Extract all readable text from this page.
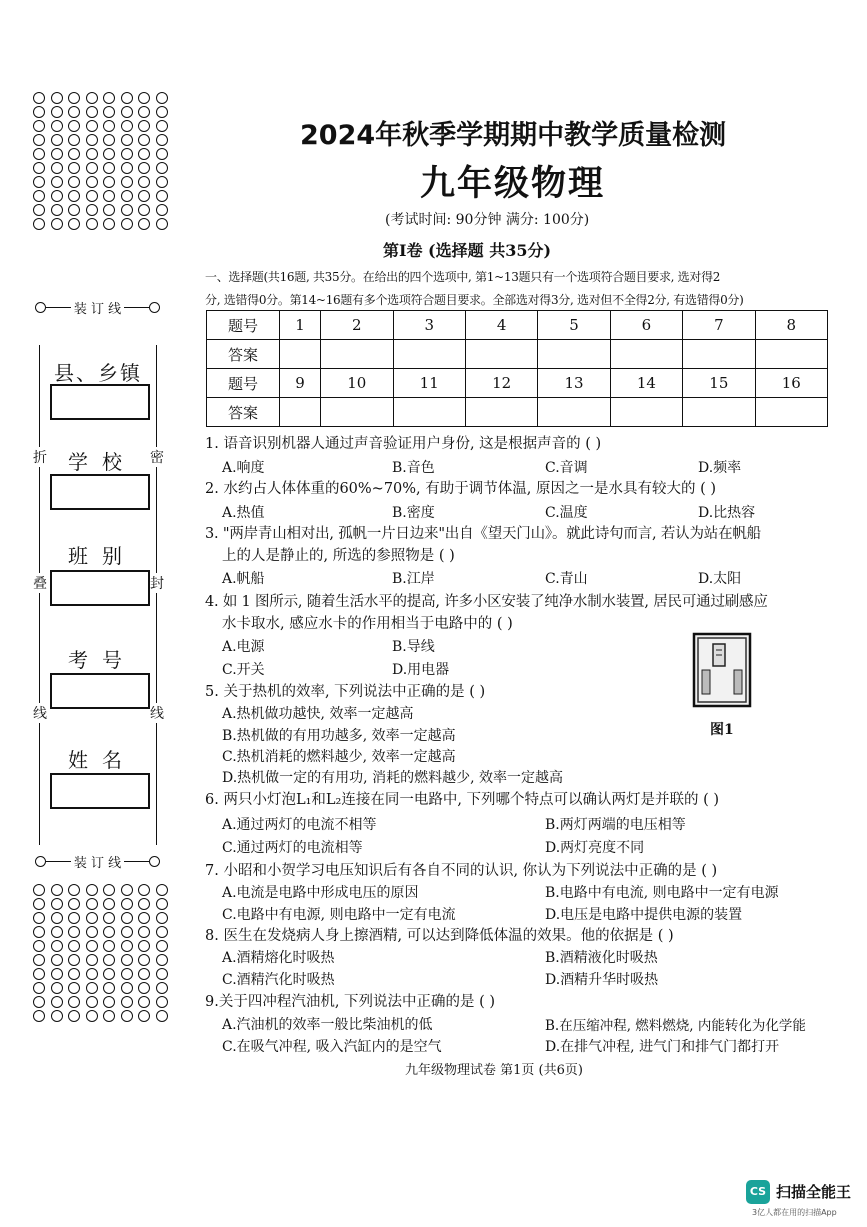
装 订 线
装 订 线
折
叠
线
密
封
线
县、乡镇
学校
班别
考号
姓名
2024年秋季学期期中教学质量检测
九年级物理
(考试时间: 90分钟 满分: 100分)
第Ⅰ卷 (选择题 共35分)
一、选择题(共16题, 共35分。在给出的四个选项中, 第1~13题只有一个选项符合题目要求, 选对得2
分, 选错得0分。第14~16题有多个选项符合题目要求。全部选对得3分, 选对但不全得2分, 有选错得0分)
题号	1	2	3	4	5	6	7	8
答案								
题号	9	10	11	12	13	14	15	16
答案								
1. 语音识别机器人通过声音验证用户身份, 这是根据声音的 ( )
A.响度	B.音色	C.音调	D.频率
2. 水约占人体体重的60%~70%, 有助于调节体温, 原因之一是水具有较大的 ( )
A.热值	B.密度	C.温度	D.比热容
3. "两岸青山相对出, 孤帆一片日边来"出自《望天门山》。就此诗句而言, 若认为站在帆船
上的人是静止的, 所选的参照物是 ( )
A.帆船	B.江岸	C.青山	D.太阳
4. 如 1 图所示, 随着生活水平的提高, 许多小区安装了纯净水制水装置, 居民可通过刷感应
水卡取水, 感应水卡的作用相当于电路中的 ( )
A.电源	B.导线
C.开关	D.用电器
图1
5. 关于热机的效率, 下列说法中正确的是 ( )
A.热机做功越快, 效率一定越高
B.热机做的有用功越多, 效率一定越高
C.热机消耗的燃料越少, 效率一定越高
D.热机做一定的有用功, 消耗的燃料越少, 效率一定越高
6. 两只小灯泡L₁和L₂连接在同一电路中, 下列哪个特点可以确认两灯是并联的 ( )
A.通过两灯的电流不相等	B.两灯两端的电压相等
C.通过两灯的电流相等	D.两灯亮度不同
7. 小昭和小贺学习电压知识后有各自不同的认识, 你认为下列说法中正确的是 ( )
A.电流是电路中形成电压的原因	B.电路中有电流, 则电路中一定有电源
C.电路中有电源, 则电路中一定有电流	D.电压是电路中提供电源的装置
8. 医生在发烧病人身上擦酒精, 可以达到降低体温的效果。他的依据是 ( )
A.酒精熔化时吸热	B.酒精液化时吸热
C.酒精汽化时吸热	D.酒精升华时吸热
9.关于四冲程汽油机, 下列说法中正确的是 ( )
A.汽油机的效率一般比柴油机的低	B.在压缩冲程, 燃料燃烧, 内能转化为化学能
C.在吸气冲程, 吸入汽缸内的是空气	D.在排气冲程, 进气门和排气门都打开
九年级物理试卷 第1页 (共6页)
CS 扫描全能王
3亿人都在用的扫描App
